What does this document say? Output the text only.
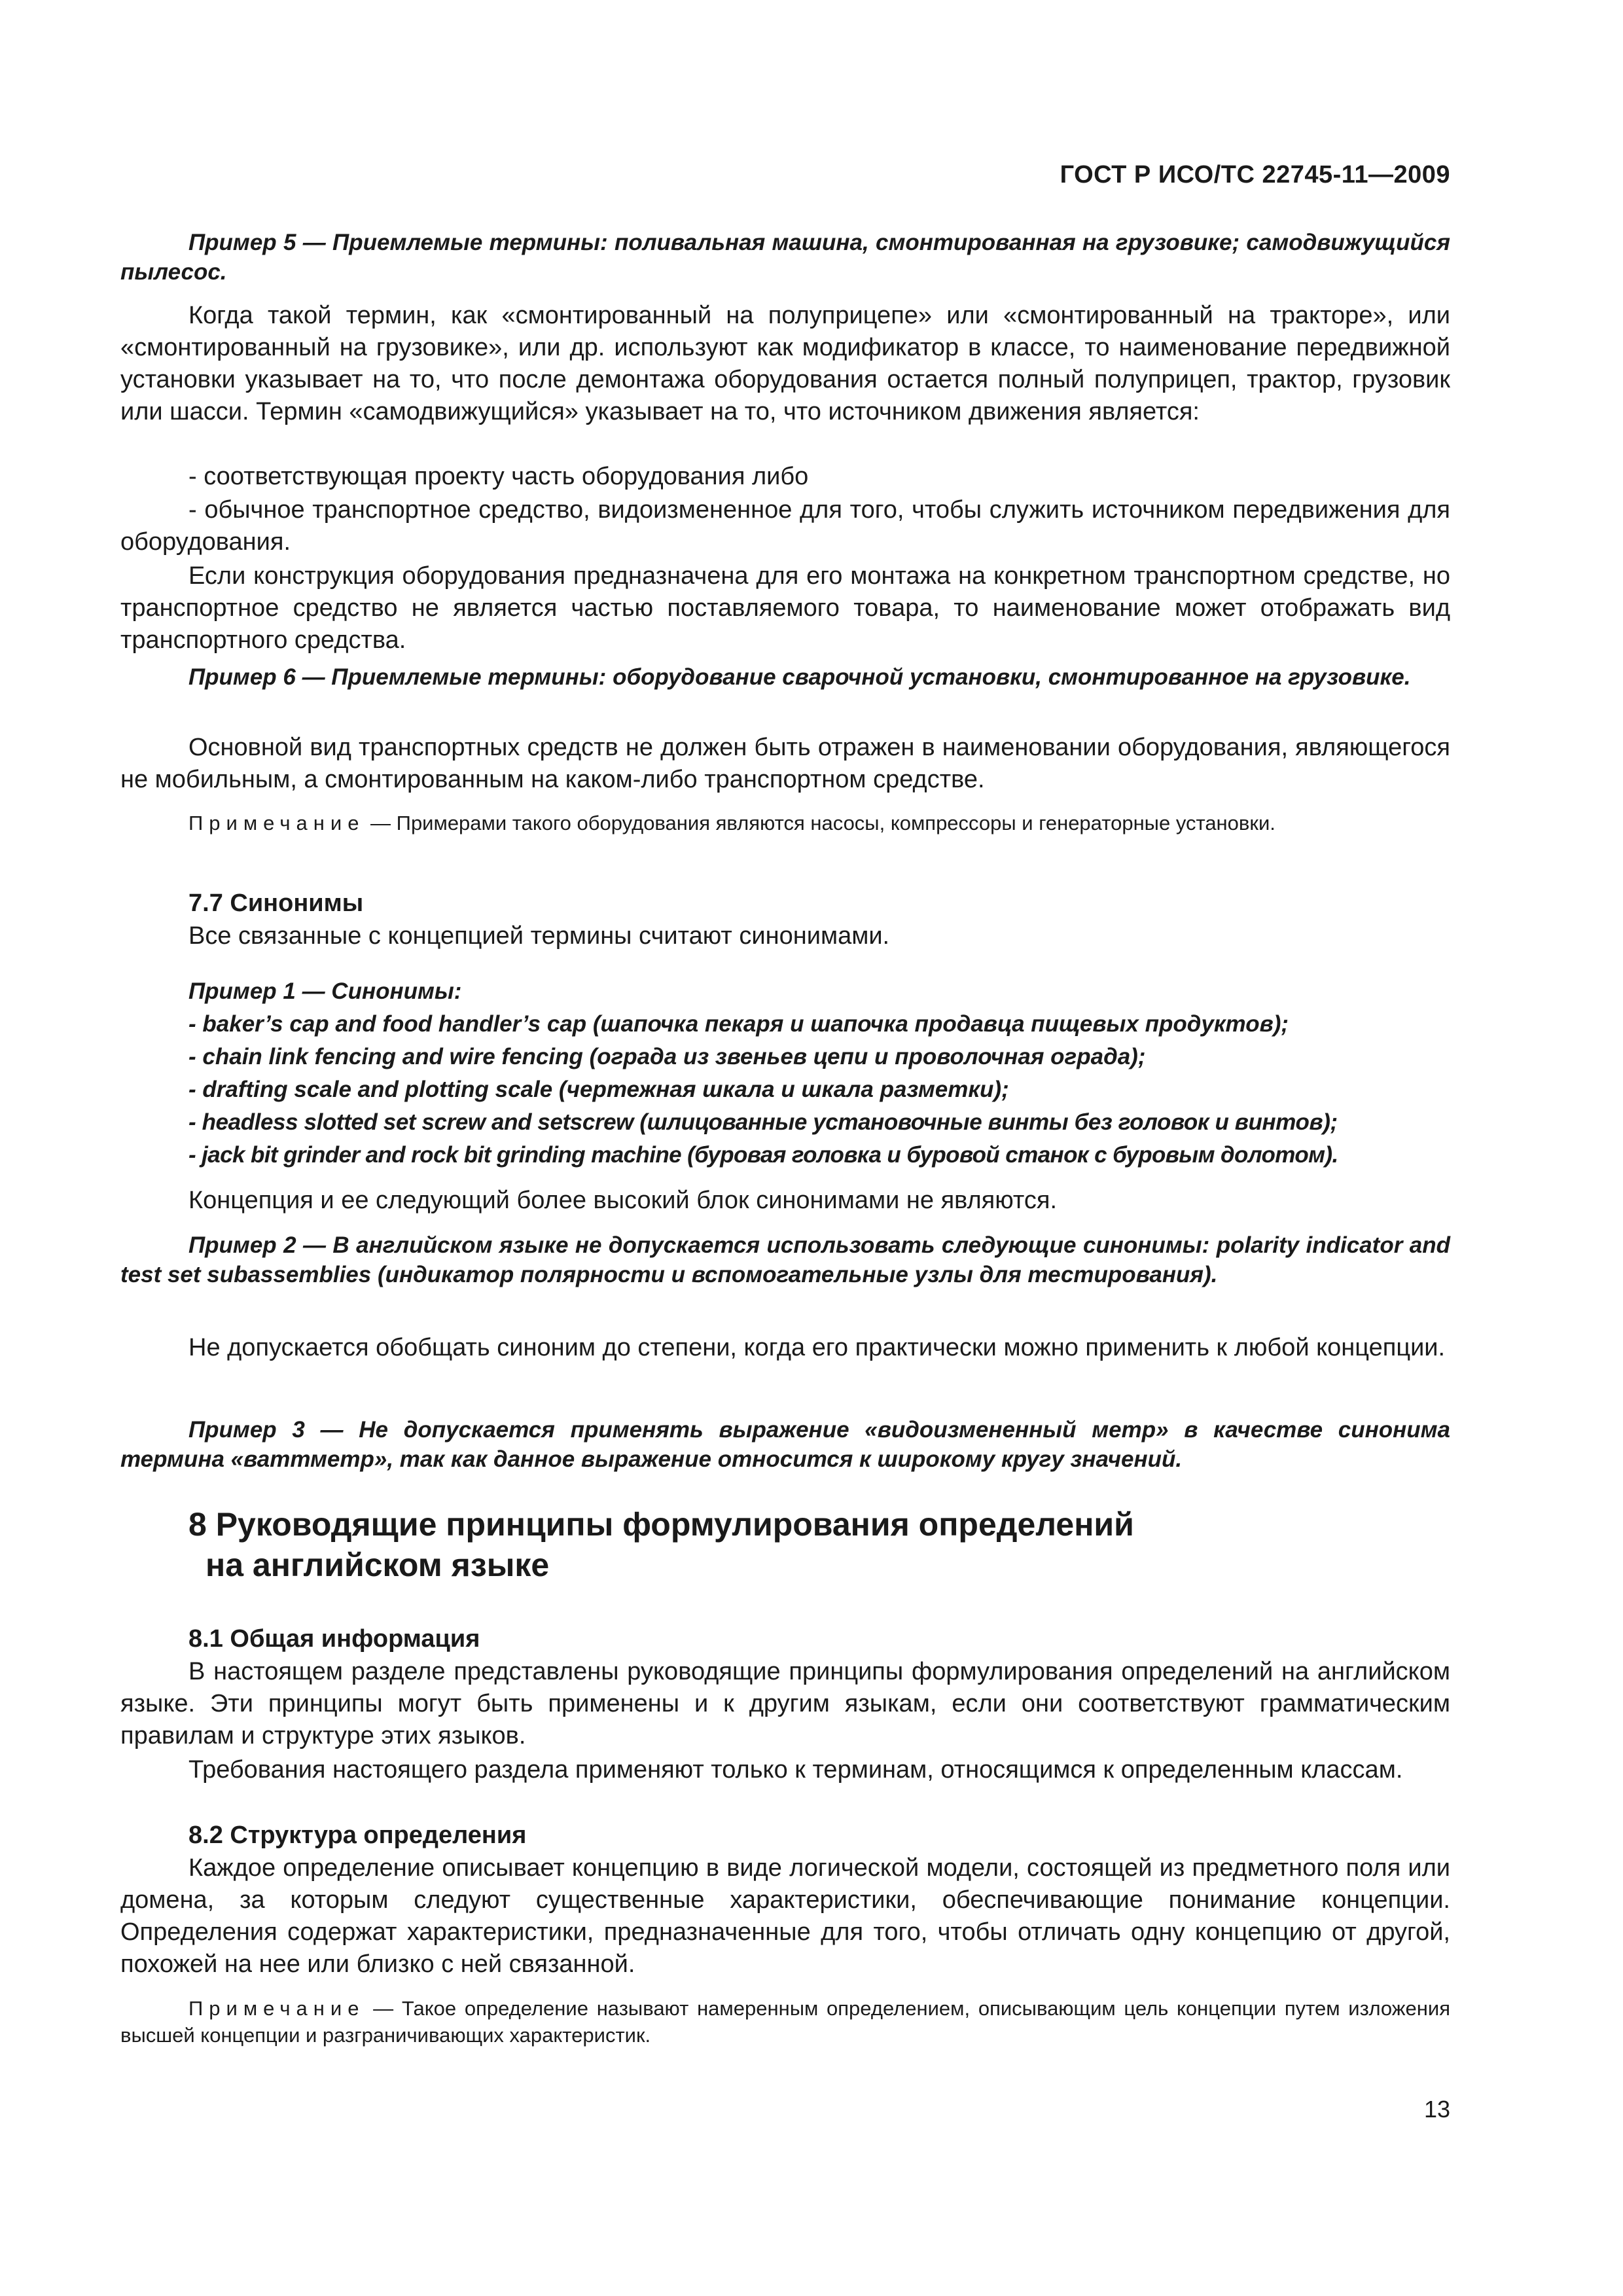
ГОСТ Р ИСО/ТС 22745-11—2009

Пример 5 — Приемлемые термины: поливальная машина, смонтированная на грузовике; самодвижущийся пылесос.

Когда такой термин, как «смонтированный на полуприцепе» или «смонтированный на тракторе», или «смонтированный на грузовике», или др. используют как модификатор в классе, то наименование передвижной установки указывает на то, что после демонтажа оборудования остается полный полуприцеп, трактор, грузовик или шасси. Термин «самодвижущийся» указывает на то, что источником движения является:

- соответствующая проекту часть оборудования либо

- обычное транспортное средство, видоизмененное для того, чтобы служить источником передвижения для оборудования.

Если конструкция оборудования предназначена для его монтажа на конкретном транспортном средстве, но транспортное средство не является частью поставляемого товара, то наименование может отображать вид транспортного средства.

Пример 6 — Приемлемые термины: оборудование сварочной установки, смонтированное на грузовике.

Основной вид транспортных средств не должен быть отражен в наименовании оборудования, являющегося не мобильным, а смонтированным на каком-либо транспортном средстве.

Примечание — Примерами такого оборудования являются насосы, компрессоры и генераторные установки.

7.7 Синонимы

Все связанные с концепцией термины считают синонимами.

Пример 1 — Синонимы:

- baker’s cap and food handler’s cap (шапочка пекаря и шапочка продавца пищевых продуктов);

- chain link fencing and wire fencing (ограда из звеньев цепи и проволочная ограда);

- drafting scale and plotting scale (чертежная шкала и шкала разметки);

- headless slotted set screw and setscrew (шлицованные установочные винты без головок и винтов);

- jack bit grinder and rock bit grinding machine (буровая головка и буровой станок с буровым долотом).

Концепция и ее следующий более высокий блок синонимами не являются.

Пример 2 — В английском языке не допускается использовать следующие синонимы: polarity indicator and test set subassemblies (индикатор полярности и вспомогательные узлы для тестирования).

Не допускается обобщать синоним до степени, когда его практически можно применить к любой концепции.

Пример 3 — Не допускается применять выражение «видоизмененный метр» в качестве синонима термина «ваттметр», так как данное выражение относится к широкому кругу значений.

8 Руководящие принципы формулирования определений
на английском языке

8.1 Общая информация

В настоящем разделе представлены руководящие принципы формулирования определений на английском языке. Эти принципы могут быть применены и к другим языкам, если они соответствуют грамматическим правилам и структуре этих языков.

Требования настоящего раздела применяют только к терминам, относящимся к определенным классам.

8.2 Структура определения

Каждое определение описывает концепцию в виде логической модели, состоящей из предметного поля или домена, за которым следуют существенные характеристики, обеспечивающие понимание концепции. Определения содержат характеристики, предназначенные для того, чтобы отличать одну концепцию от другой, похожей на нее или близко с ней связанной.

Примечание — Такое определение называют намеренным определением, описывающим цель концепции путем изложения высшей концепции и разграничивающих характеристик.

13
